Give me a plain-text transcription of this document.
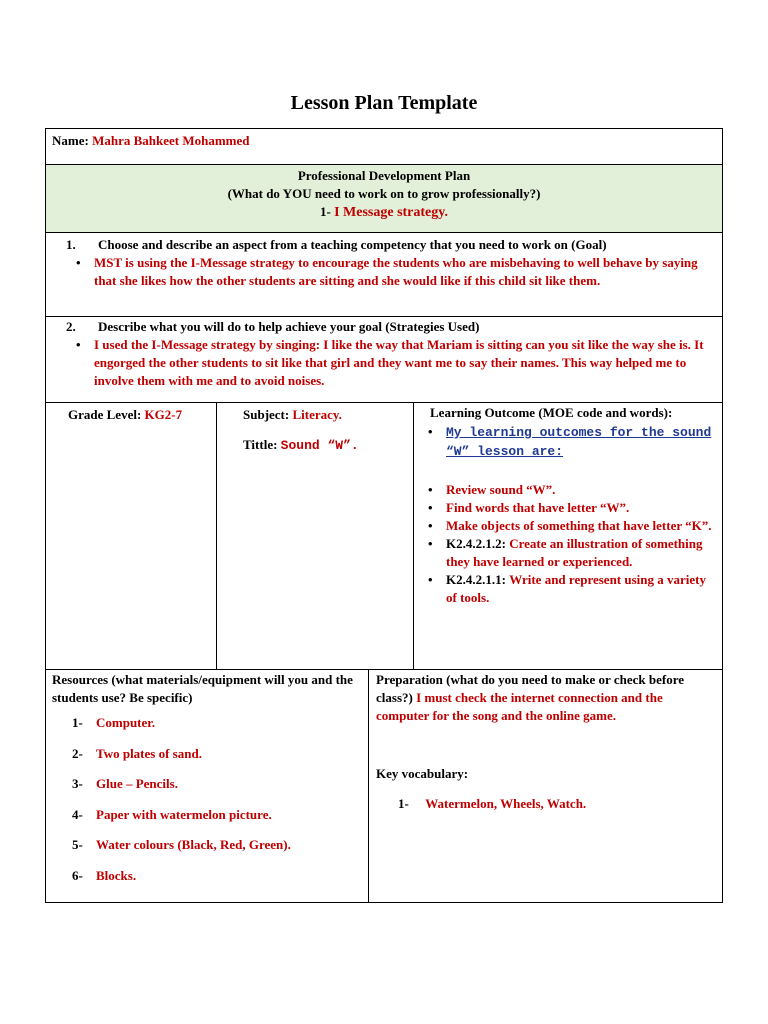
Lesson Plan Template
Name: Mahra Bahkeet Mohammed
Professional Development Plan
(What do YOU need to work on to grow professionally?)
1- I Message strategy.
1.	Choose and describe an aspect from a teaching competency that you need to work on (Goal)
• MST is using the I-Message strategy to encourage the students who are misbehaving to well behave by saying that she likes how the other students are sitting and she would like if this child sit like them.
2.	Describe what you will do to help achieve your goal (Strategies Used)
• I used the I-Message strategy by singing: I like the way that Mariam is sitting can you sit like the way she is. It engorged the other students to sit like that girl and they want me to say their names. This way helped me to involve them with me and to avoid noises.
Grade Level: KG2-7	Subject: Literacy.
Tittle: Sound “W”.
Learning Outcome (MOE code and words):
• My learning outcomes for the sound “W” lesson are:
• Review sound “W”.
• Find words that have letter “W”.
• Make objects of something that have letter “K”.
• K2.4.2.1.2: Create an illustration of something they have learned or experienced.
• K2.4.2.1.1: Write and represent using a variety of tools.
Resources (what materials/equipment will you and the students use? Be specific)
1- Computer.
2- Two plates of sand.
3- Glue – Pencils.
4- Paper with watermelon picture.
5- Water colours (Black, Red, Green).
6- Blocks.
Preparation (what do you need to make or check before class?) I must check the internet connection and the computer for the song and the online game.
Key vocabulary:
1- Watermelon, Wheels, Watch.
